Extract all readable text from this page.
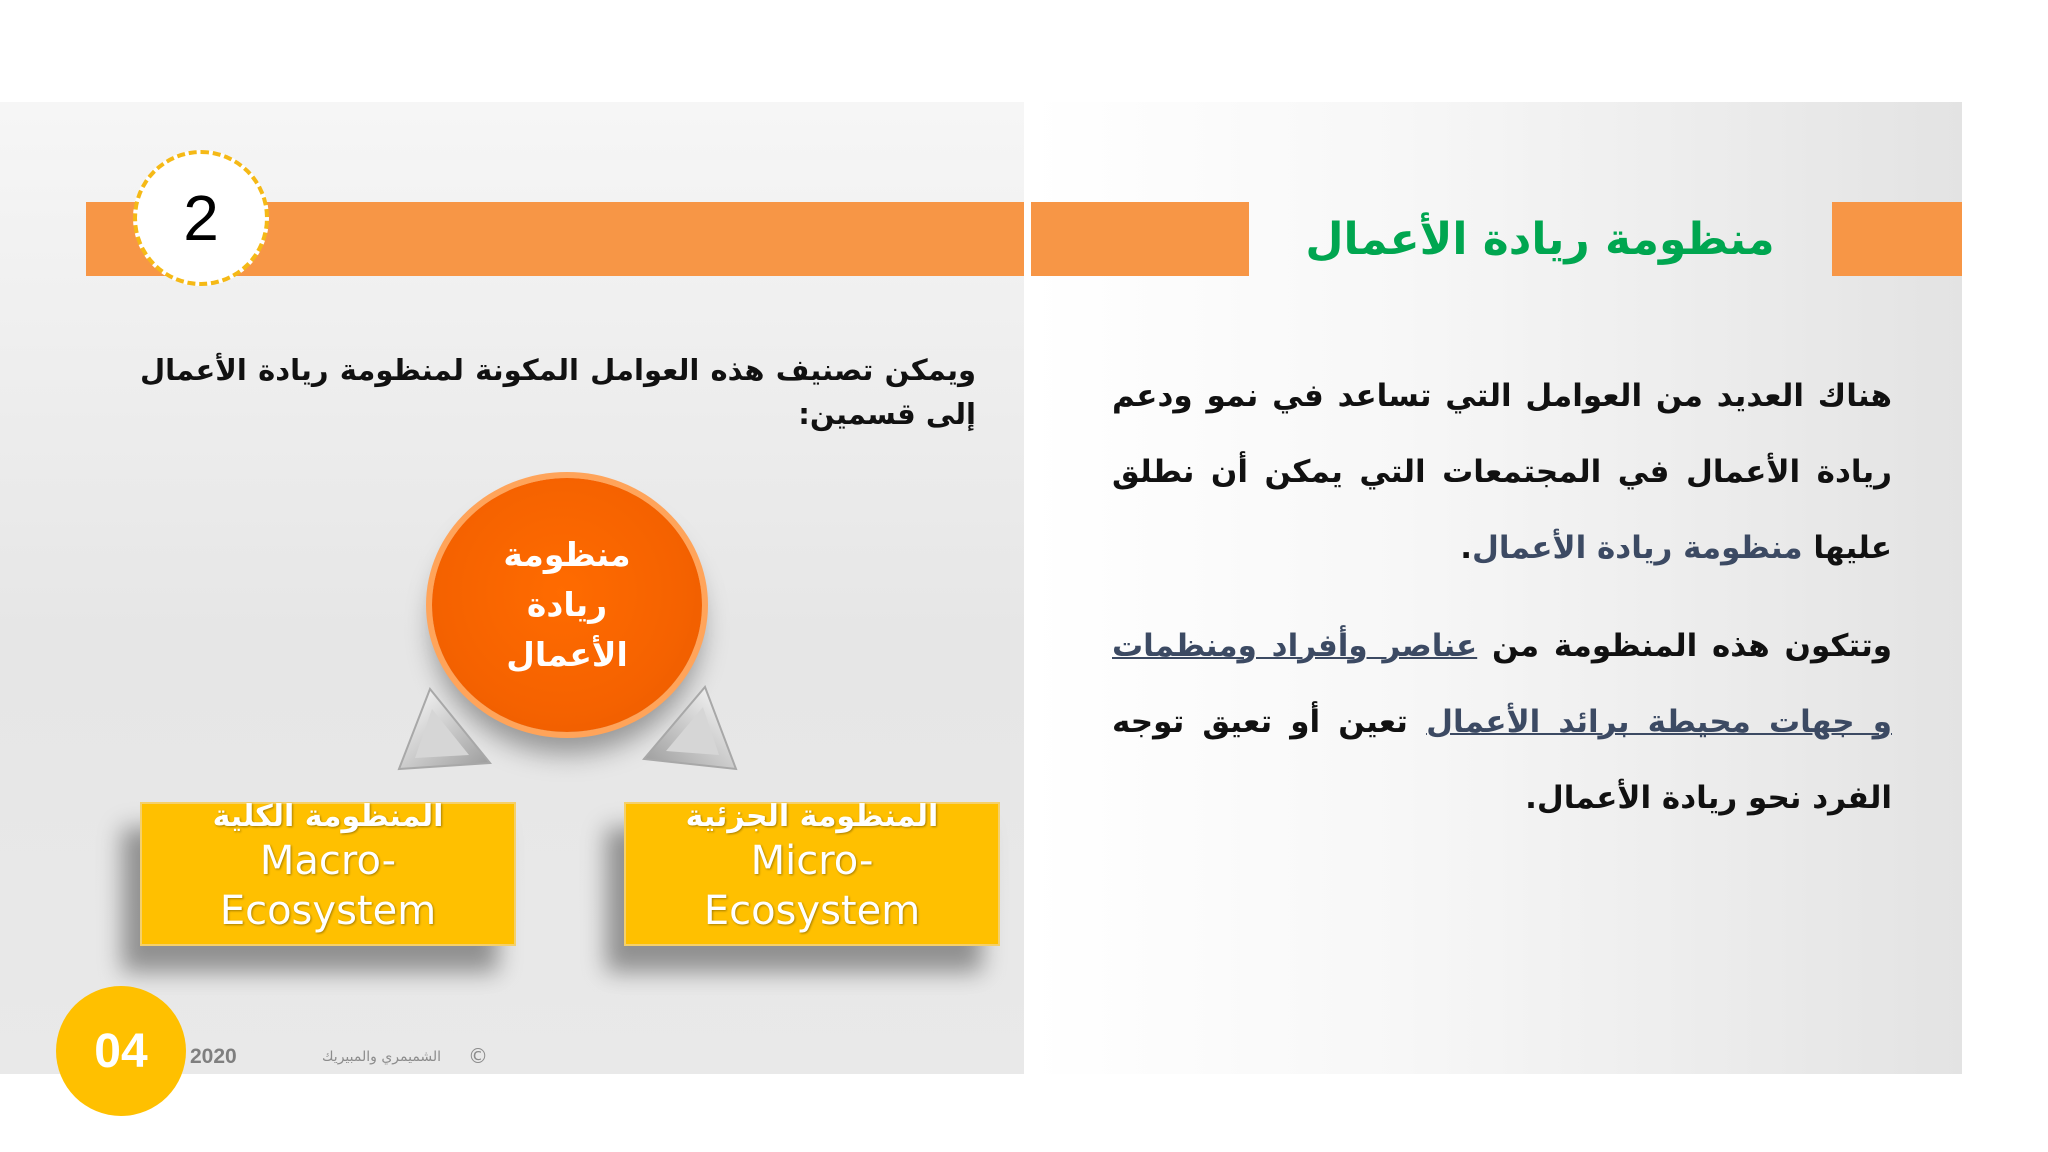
2	منظومة ريادة الأعمال
ويمكن تصنيف هذه العوامل المكونة لمنظومة ريادة الأعمال إلى قسمين:
منظومة
ريادة
الأعمال
المنظومة الكلية
Macro-
Ecosystem
المنظومة الجزئية
Micro-
Ecosystem

هناك العديد من العوامل التي تساعد في نمو ودعم ريادة الأعمال في المجتمعات التي يمكن أن نطلق عليها منظومة ريادة الأعمال.

وتتكون هذه المنظومة من عناصر وأفراد ومنظمات و جهات محيطة برائد الأعمال تعين أو تعيق توجه الفرد نحو ريادة الأعمال.

04 2020	الشميمري والمبيريك ©
